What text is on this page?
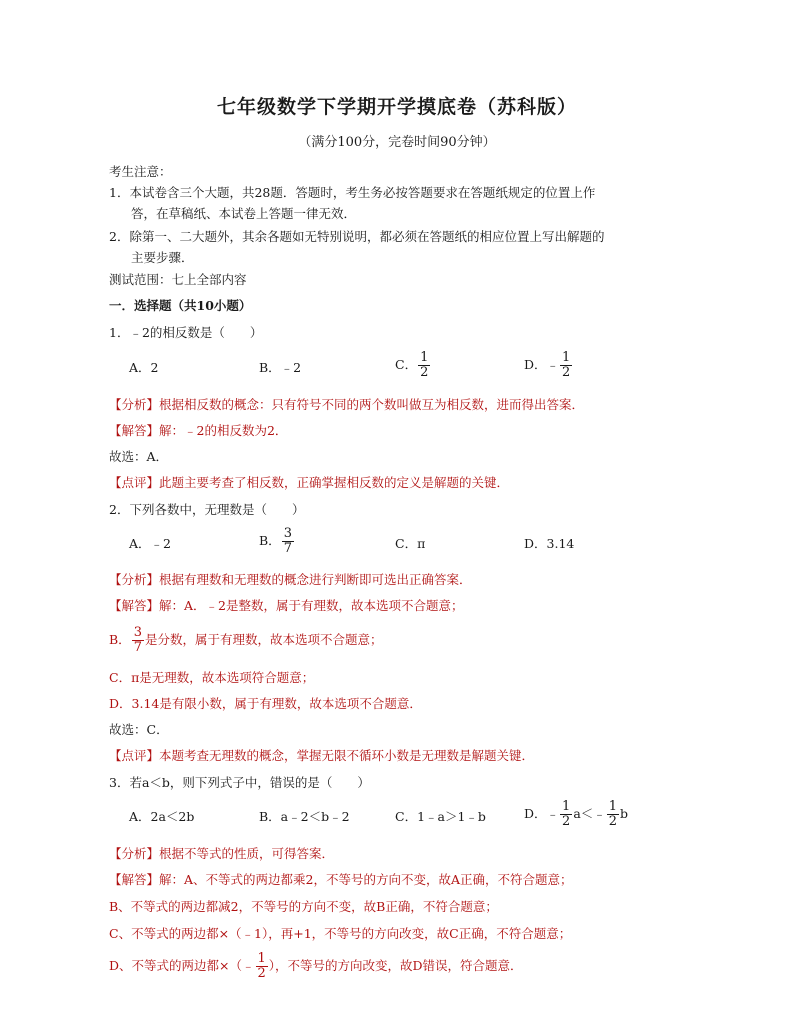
七年级数学下学期开学摸底卷（苏科版）
（满分100分，完卷时间90分钟）
考生注意：
1．本试卷含三个大题，共28题．答题时，考生务必按答题要求在答题纸规定的位置上作
答，在草稿纸、本试卷上答题一律无效．
2．除第一、二大题外，其余各题如无特别说明，都必须在答题纸的相应位置上写出解题的
主要步骤．
测试范围：七上全部内容
一．选择题（共10小题）
1．﹣2的相反数是（　　）
A．2	B．﹣2	C． $\frac{1}{2}$	D．﹣ $\frac{1}{2}$
【分析】根据相反数的概念：只有符号不同的两个数叫做互为相反数，进而得出答案．
【解答】解：﹣2的相反数为2．
故选：A．
【点评】此题主要考查了相反数，正确掌握相反数的定义是解题的关键．
2．下列各数中，无理数是（　　）
A．﹣2	B． $\frac{3}{7}$	C．π	D．3.14
【分析】根据有理数和无理数的概念进行判断即可选出正确答案．
【解答】解：A．﹣2是整数，属于有理数，故本选项不合题意；
B． $\frac{3}{7}$ 是分数，属于有理数，故本选项不合题意；
C．π是无理数，故本选项符合题意；
D．3.14是有限小数，属于有理数，故本选项不合题意．
故选：C．
【点评】本题考查无理数的概念，掌握无限不循环小数是无理数是解题关键．
3．若a＜b，则下列式子中，错误的是（　　）
A．2a＜2b	B．a﹣2＜b﹣2	C．1﹣a＞1﹣b	D．﹣ $\frac{1}{2}$ a＜﹣ $\frac{1}{2}$ b
【分析】根据不等式的性质，可得答案．
【解答】解：A、不等式的两边都乘2，不等号的方向不变，故A正确，不符合题意；
B、不等式的两边都减2，不等号的方向不变，故B正确，不符合题意；
C、不等式的两边都×（﹣1），再+1，不等号的方向改变，故C正确，不符合题意；
D、不等式的两边都×（﹣ $\frac{1}{2}$ ），不等号的方向改变，故D错误，符合题意．
